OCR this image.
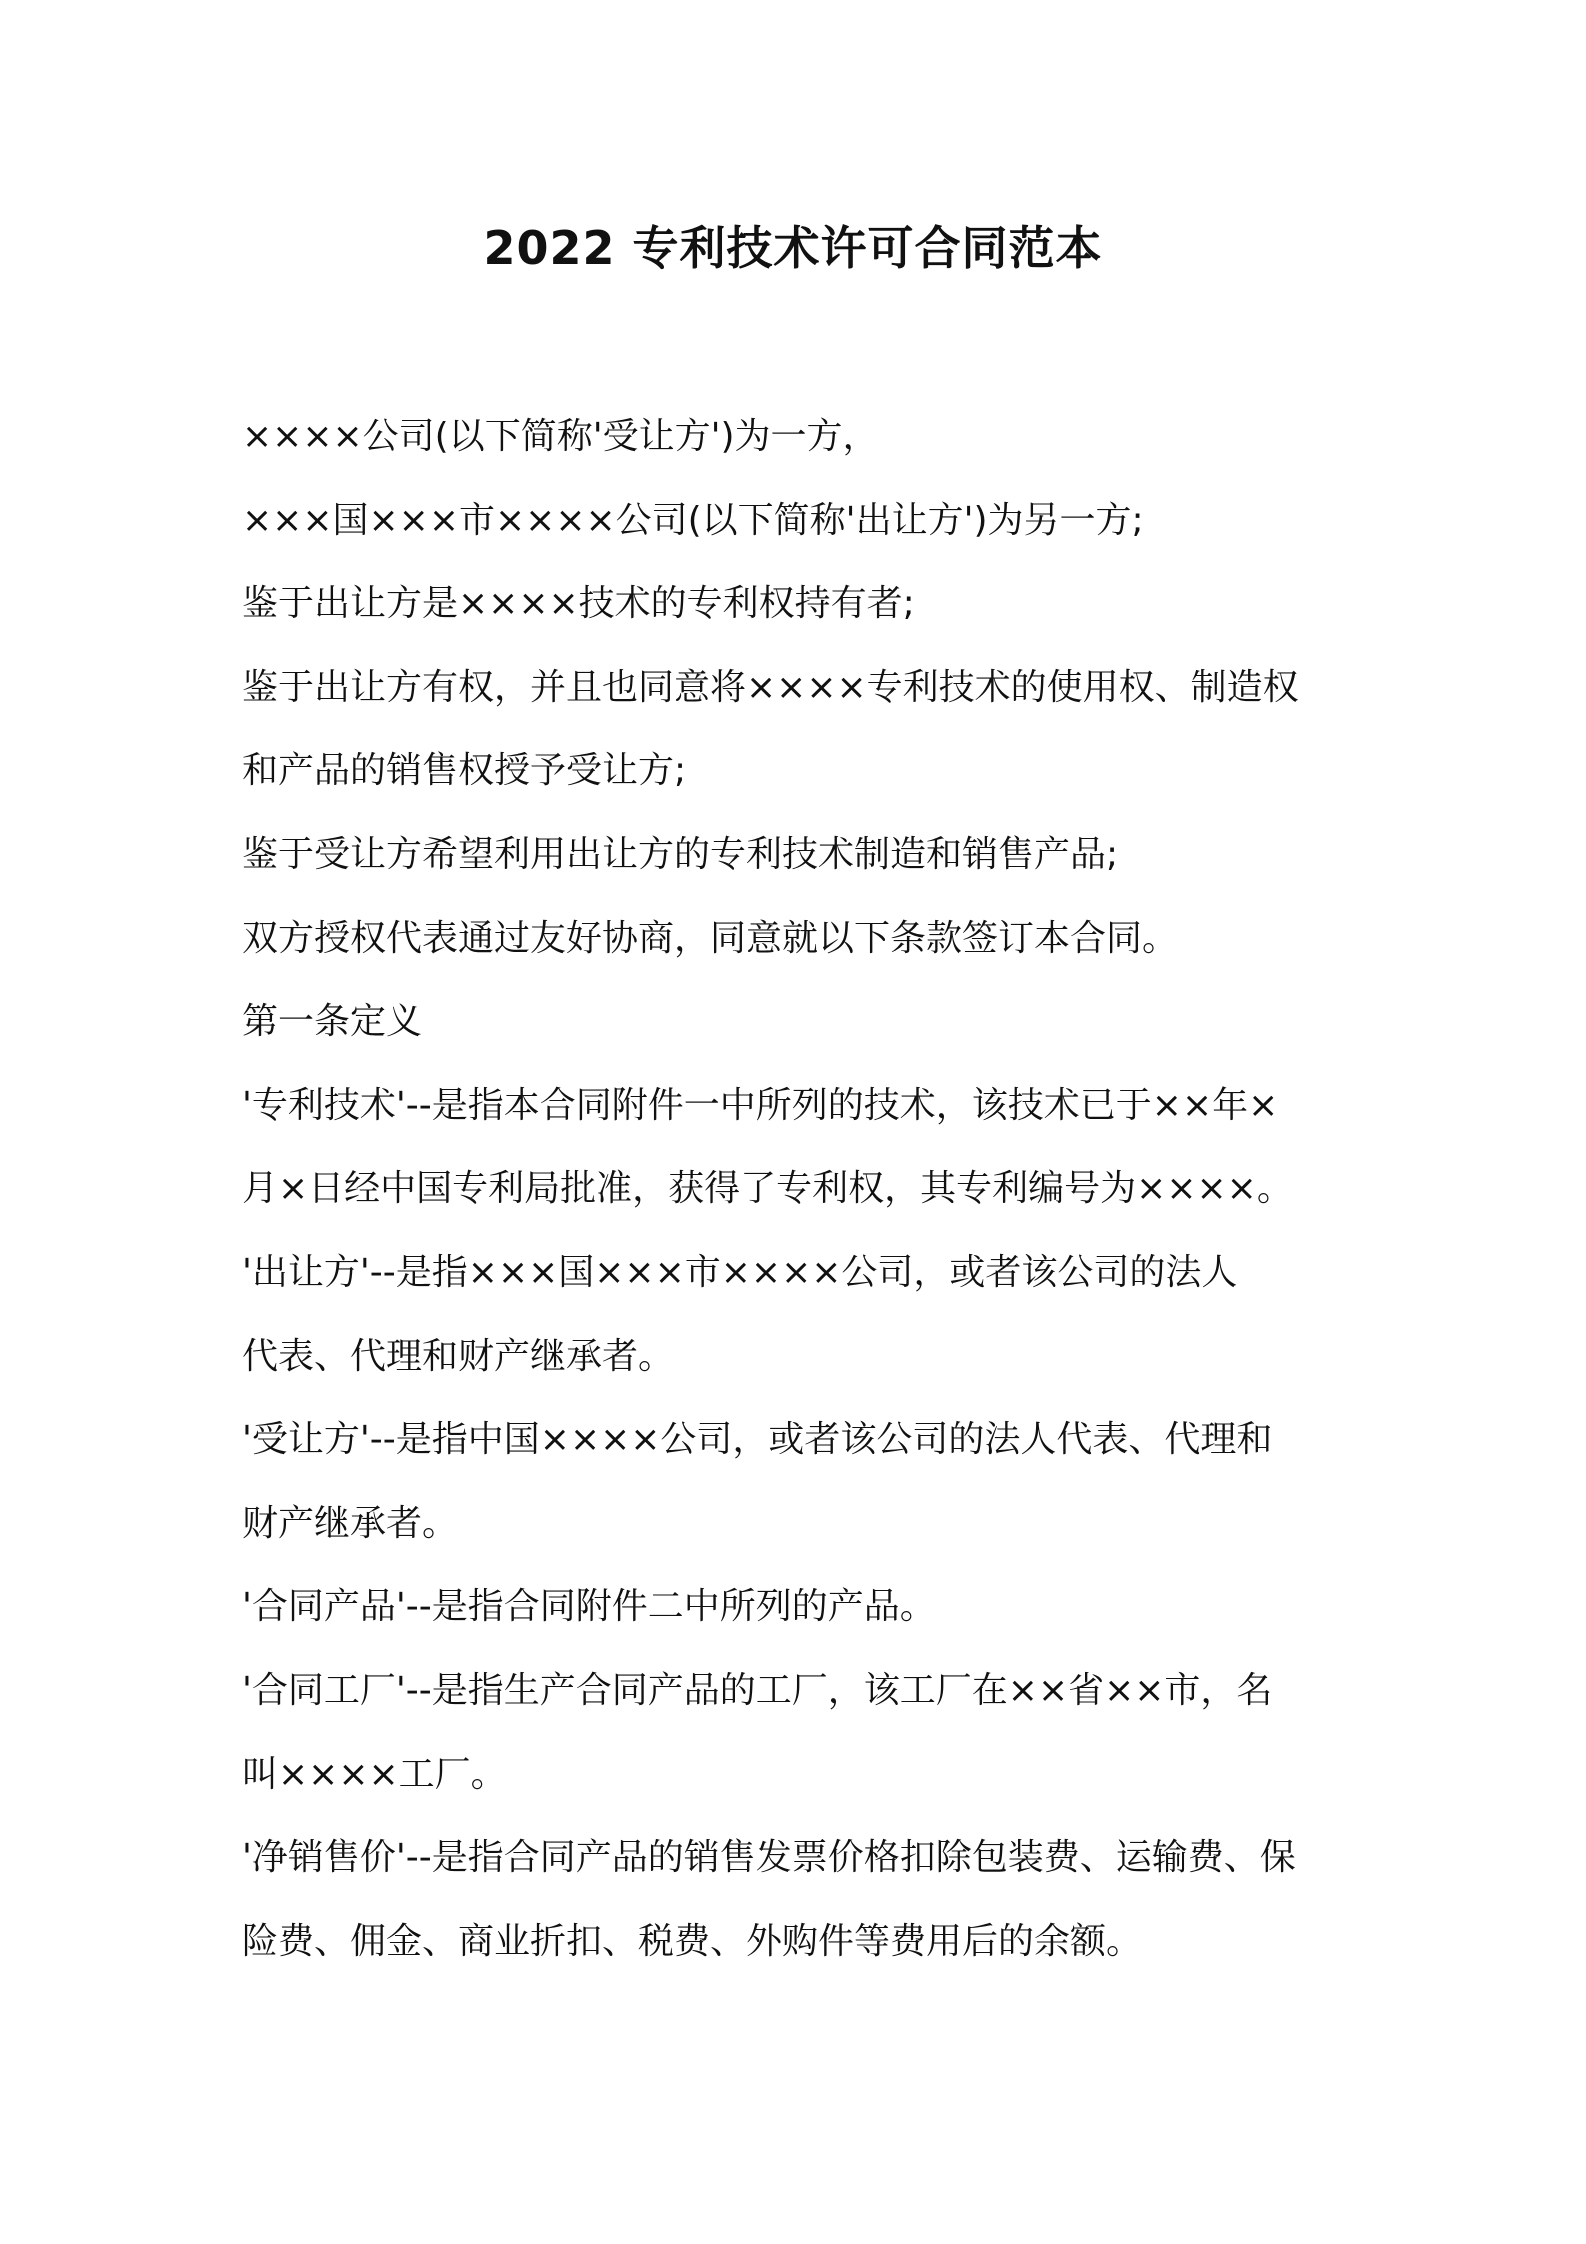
2022 专利技术许可合同范本

××××公司(以下简称'受让方')为一方，

×××国×××市××××公司(以下简称'出让方')为另一方;

鉴于出让方是××××技术的专利权持有者;

鉴于出让方有权，并且也同意将××××专利技术的使用权、制造权

和产品的销售权授予受让方;

鉴于受让方希望利用出让方的专利技术制造和销售产品;

双方授权代表通过友好协商，同意就以下条款签订本合同。

第一条定义

'专利技术'--是指本合同附件一中所列的技术，该技术已于××年×

月×日经中国专利局批准，获得了专利权，其专利编号为××××。

'出让方'--是指×××国×××市××××公司，或者该公司的法人

代表、代理和财产继承者。

'受让方'--是指中国××××公司，或者该公司的法人代表、代理和

财产继承者。

'合同产品'--是指合同附件二中所列的产品。

'合同工厂'--是指生产合同产品的工厂，该工厂在××省××市，名

叫××××工厂。

'净销售价'--是指合同产品的销售发票价格扣除包装费、运输费、保

险费、佣金、商业折扣、税费、外购件等费用后的余额。
